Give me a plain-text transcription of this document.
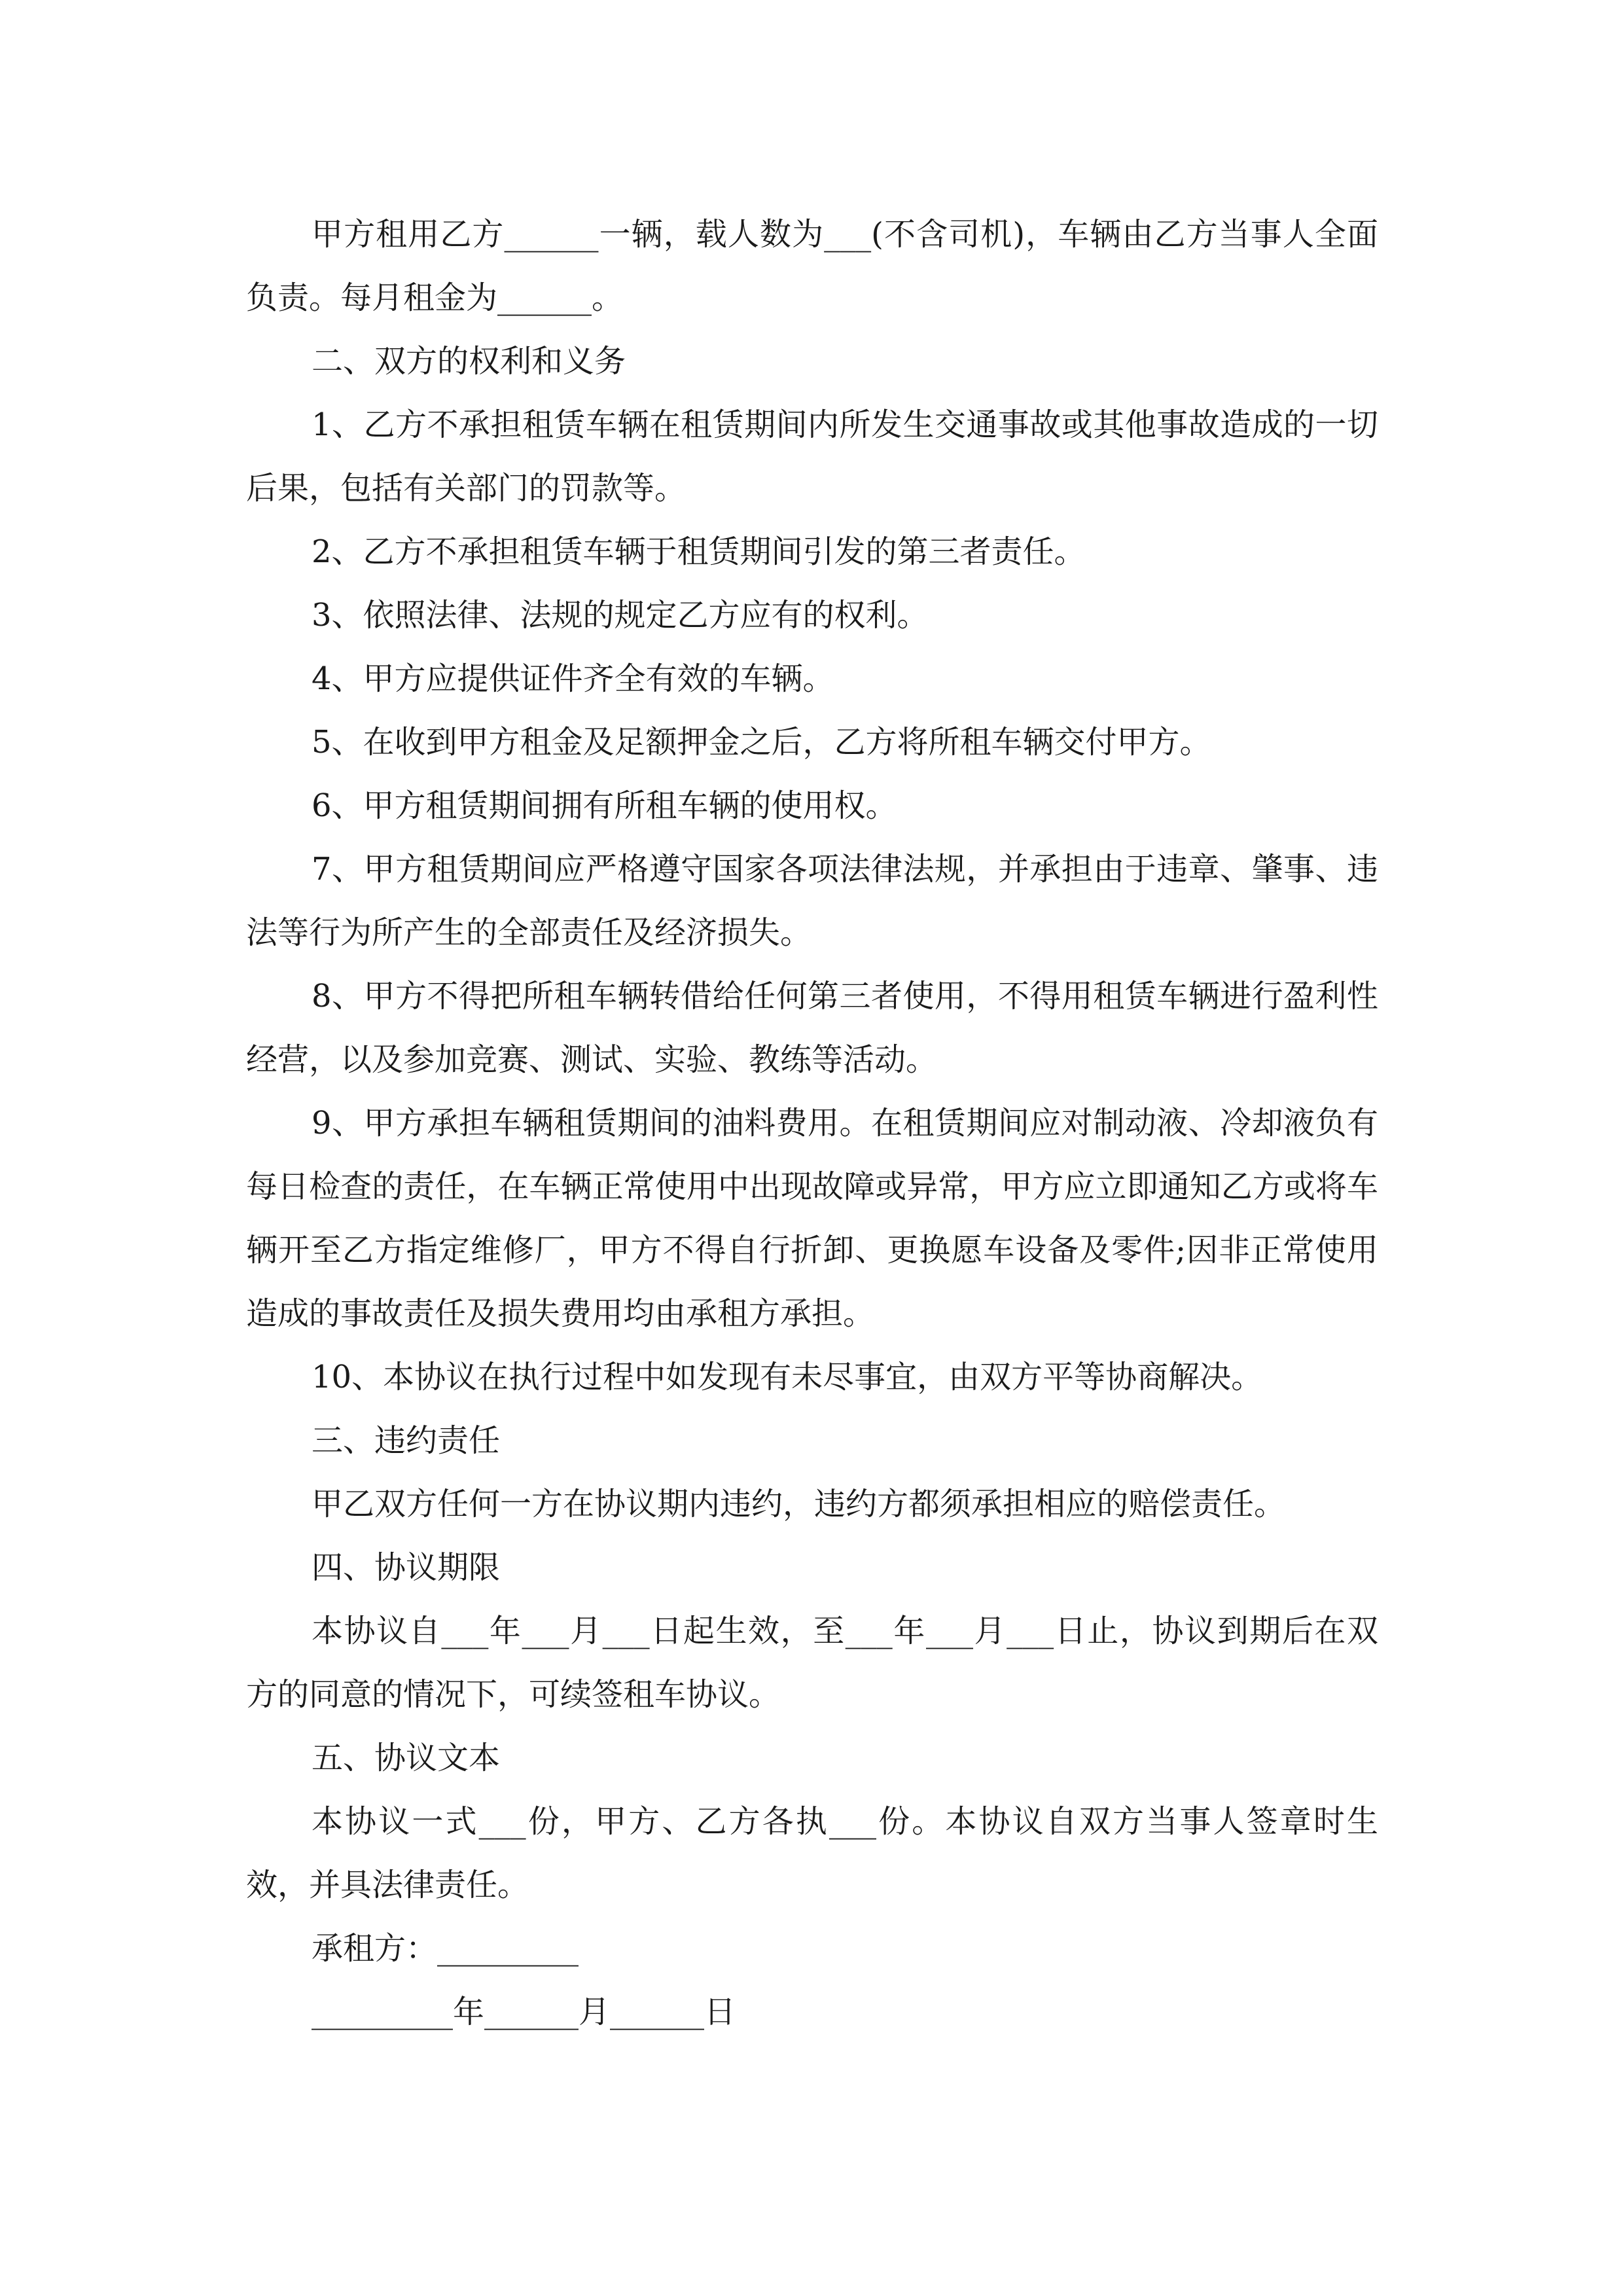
甲方租用乙方______一辆，载人数为___(不含司机)，车辆由乙方当事人全面负责。每月租金为______。

二、双方的权利和义务

1、乙方不承担租赁车辆在租赁期间内所发生交通事故或其他事故造成的一切后果，包括有关部门的罚款等。

2、乙方不承担租赁车辆于租赁期间引发的第三者责任。

3、依照法律、法规的规定乙方应有的权利。

4、甲方应提供证件齐全有效的车辆。

5、在收到甲方租金及足额押金之后，乙方将所租车辆交付甲方。

6、甲方租赁期间拥有所租车辆的使用权。

7、甲方租赁期间应严格遵守国家各项法律法规，并承担由于违章、肇事、违法等行为所产生的全部责任及经济损失。

8、甲方不得把所租车辆转借给任何第三者使用，不得用租赁车辆进行盈利性经营，以及参加竞赛、测试、实验、教练等活动。

9、甲方承担车辆租赁期间的油料费用。在租赁期间应对制动液、冷却液负有每日检查的责任，在车辆正常使用中出现故障或异常，甲方应立即通知乙方或将车辆开至乙方指定维修厂，甲方不得自行折卸、更换愿车设备及零件;因非正常使用造成的事故责任及损失费用均由承租方承担。

10、本协议在执行过程中如发现有未尽事宜，由双方平等协商解决。

三、违约责任

甲乙双方任何一方在协议期内违约，违约方都须承担相应的赔偿责任。

四、协议期限

本协议自___年___月___日起生效，至___年___月___日止，协议到期后在双方的同意的情况下，可续签租车协议。

五、协议文本

本协议一式___份，甲方、乙方各执___份。本协议自双方当事人签章时生效，并具法律责任。

承租方：_________

_________年______月______日
